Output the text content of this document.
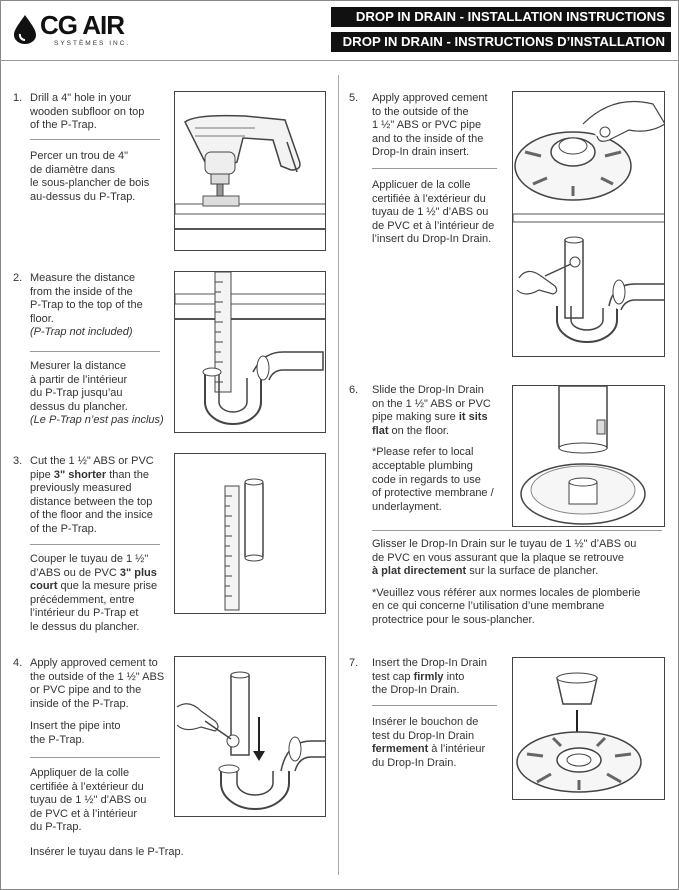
CG AIR
SYSTÈMES INC.
DROP IN DRAIN - INSTALLATION INSTRUCTIONS
DROP IN DRAIN - INSTRUCTIONS D’INSTALLATION
1. Drill a 4" hole in your

wooden subfloor on top

of the P-Trap.

Percer un trou de 4"

de diamètre dans

le sous-plancher de bois

au-dessus du P-Trap.

2. Measure the distance

from the inside of the

P-Trap to the top of the

floor.

(P-Trap not included)

Mesurer la distance

à partir de l’intérieur

du P-Trap jusqu’au

dessus du plancher.

(Le P-Trap n’est pas inclus)

3. Cut the 1 ½" ABS or PVC

pipe 3" shorter than the

previously measured

distance between the top

of the floor and the insice

of the P-Trap.

Couper le tuyau de 1 ½"

d’ABS ou de PVC 3" plus

court que la mesure prise

précédemment, entre

l’intérieur du P-Trap et

le dessus du plancher.

4. Apply approved cement to

the outside of the 1 ½" ABS

or PVC pipe and to the

inside of the P-Trap.

Insert the pipe into

the P-Trap.

Appliquer de la colle

certifiée à l’extérieur du

tuyau de 1 ½" d’ABS ou

de PVC et à l’intérieur

du P-Trap.

Insérer le tuyau dans le P-Trap.
5. Apply approved cement

to the outside of the

1 ½" ABS or PVC pipe

and to the inside of the

Drop-In drain insert.

Applicuer de la colle

certifiée à l’extérieur du

tuyau de 1 ½" d’ABS ou

de PVC et à l’intérieur de

l’insert du Drop-In Drain.

6. Slide the Drop-In Drain

on the 1 ½" ABS or PVC

pipe making sure it sits

flat on the floor.

*Please refer to local

acceptable plumbing

code in regards to use

of protective membrane /

underlayment.

Glisser le Drop-In Drain sur le tuyau de 1 ½" d’ABS ou

de PVC en vous assurant que la plaque se retrouve

à plat directement sur la surface de plancher.

*Veuillez vous référer aux normes locales de plomberie

en ce qui concerne l’utilisation d’une membrane

protectrice pour le sous-plancher.

7. Insert the Drop-In Drain

test cap firmly into

the Drop-In Drain.

Insérer le bouchon de

test du Drop-In Drain

fermement à l’intérieur

du Drop-In Drain.
